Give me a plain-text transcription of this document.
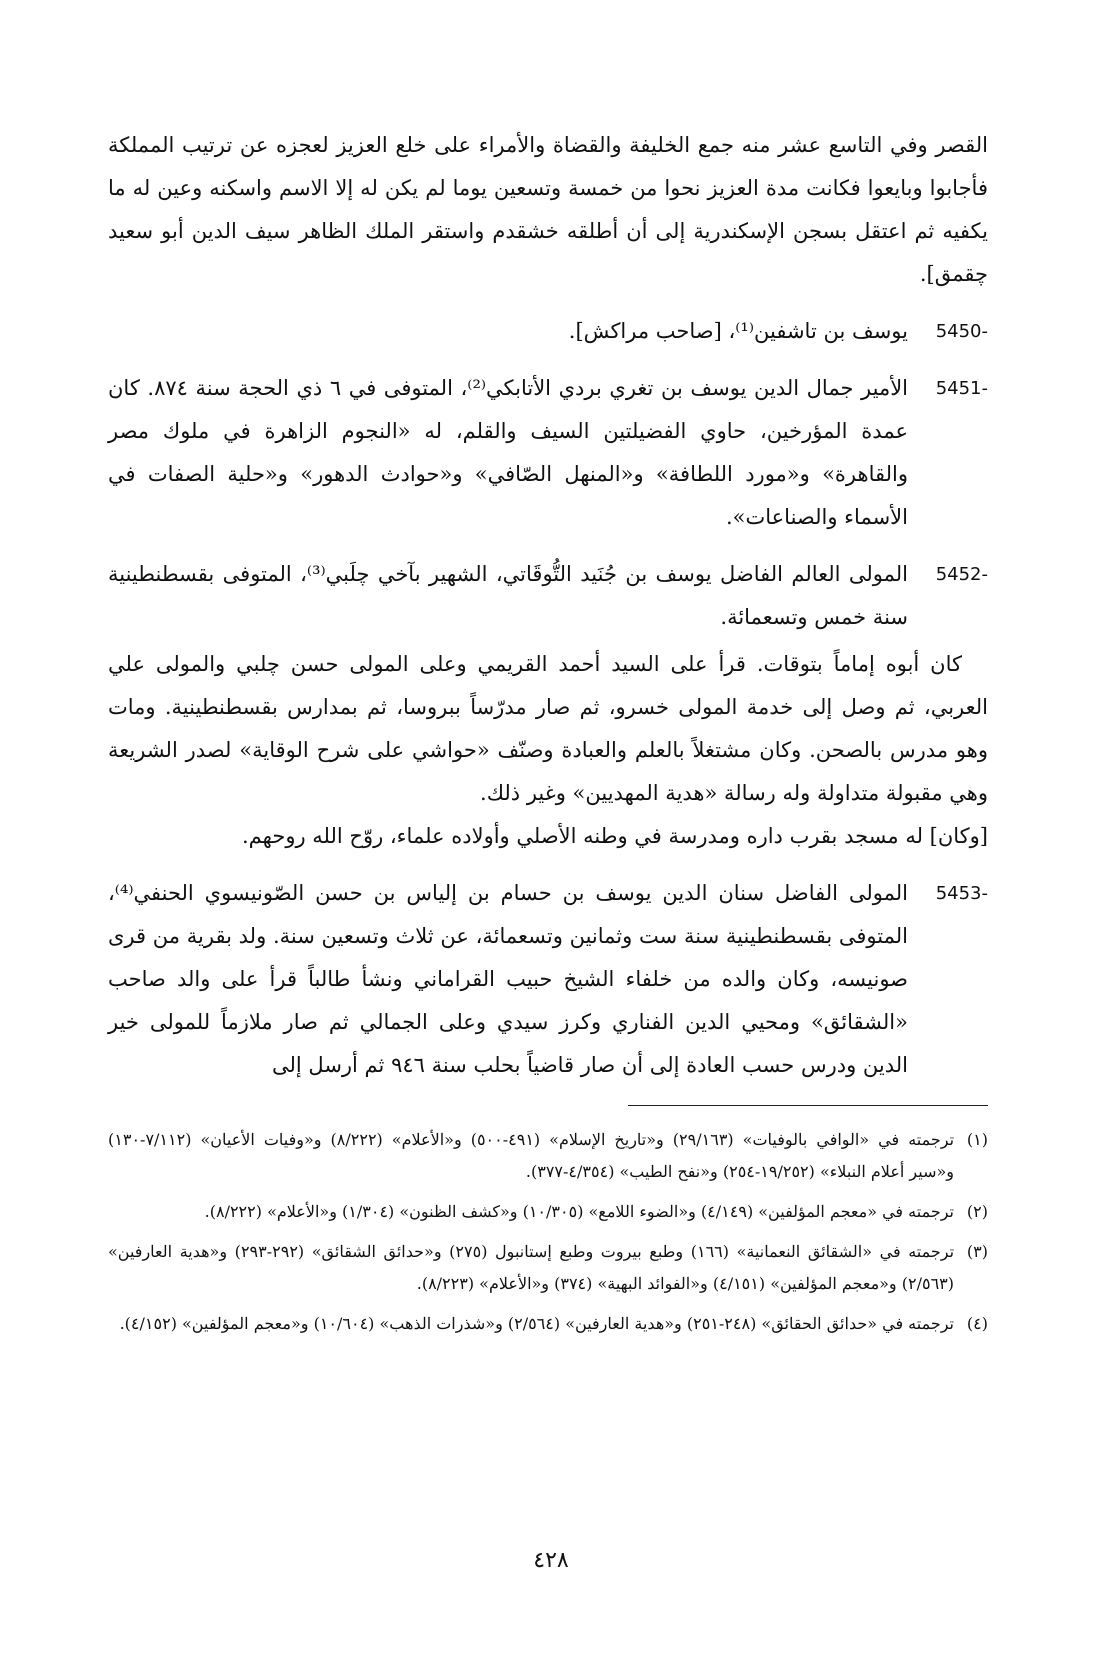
القصر وفي التاسع عشر منه جمع الخليفة والقضاة والأمراء على خلع العزيز لعجزه عن ترتيب المملكة فأجابوا وبايعوا فكانت مدة العزيز نحوا من خمسة وتسعين يوما لم يكن له إلا الاسم واسكنه وعين له ما يكفيه ثم اعتقل بسجن الإسكندرية إلى أن أطلقه خشقدم واستقر الملك الظاهر سيف الدين أبو سعيد چقمق].

5450-

يوسف بن تاشفين⁽¹⁾، [صاحب مراكش].

5451-

الأمير جمال الدين يوسف بن تغري بردي الأتابكي⁽²⁾، المتوفى في ٦ ذي الحجة سنة ٨٧٤. كان عمدة المؤرخين، حاوي الفضيلتين السيف والقلم، له «النجوم الزاهرة في ملوك مصر والقاهرة» و«مورد اللطافة» و«المنهل الصّافي» و«حوادث الدهور» و«حلية الصفات في الأسماء والصناعات».

5452-

المولى العالم الفاضل يوسف بن جُنَيد التُّوقَاتي، الشهير بآخي چلَبي⁽³⁾، المتوفى بقسطنطينية سنة خمس وتسعمائة.

كان أبوه إماماً بتوقات. قرأ على السيد أحمد القريمي وعلى المولى حسن چلبي والمولى علي العربي، ثم وصل إلى خدمة المولى خسرو، ثم صار مدرّساً ببروسا، ثم بمدارس بقسطنطينية. ومات وهو مدرس بالصحن. وكان مشتغلاً بالعلم والعبادة وصنّف «حواشي على شرح الوقاية» لصدر الشريعة وهي مقبولة متداولة وله رسالة «هدية المهديين» وغير ذلك.

[وكان] له مسجد بقرب داره ومدرسة في وطنه الأصلي وأولاده علماء، روّح الله روحهم.

5453-

المولى الفاضل سنان الدين يوسف بن حسام بن إلياس بن حسن الصّونيسوي الحنفي⁽⁴⁾، المتوفى بقسطنطينية سنة ست وثمانين وتسعمائة، عن ثلاث وتسعين سنة. ولد بقرية من قرى صونيسه، وكان والده من خلفاء الشيخ حبيب القراماني ونشأ طالباً قرأ على والد صاحب «الشقائق» ومحيي الدين الفناري وكرز سيدي وعلى الجمالي ثم صار ملازماً للمولى خير الدين ودرس حسب العادة إلى أن صار قاضياً بحلب سنة ٩٤٦ ثم أرسل إلى

(١)
ترجمته في «الوافي بالوفيات» (٢٩/١٦٣) و«تاريخ الإسلام» (٤٩١-٥٠٠) و«الأعلام» (٨/٢٢٢) و«وفيات الأعيان» (٧/١١٢-١٣٠) و«سير أعلام النبلاء» (١٩/٢٥٢-٢٥٤) و«نفح الطيب» (٤/٣٥٤-٣٧٧).
(٢)
ترجمته في «معجم المؤلفين» (٤/١٤٩) و«الضوء اللامع» (١٠/٣٠٥) و«كشف الظنون» (١/٣٠٤) و«الأعلام» (٨/٢٢٢).
(٣)
ترجمته في «الشقائق النعمانية» (١٦٦) وطبع بيروت وطبع إستانبول (٢٧٥) و«حدائق الشقائق» (٢٩٢-٢٩٣) و«هدية العارفين» (٢/٥٦٣) و«معجم المؤلفين» (٤/١٥١) و«الفوائد البهية» (٣٧٤) و«الأعلام» (٨/٢٢٣).
(٤)
ترجمته في «حدائق الحقائق» (٢٤٨-٢٥١) و«هدية العارفين» (٢/٥٦٤) و«شذرات الذهب» (١٠/٦٠٤) و«معجم المؤلفين» (٤/١٥٢).
٤٢٨
